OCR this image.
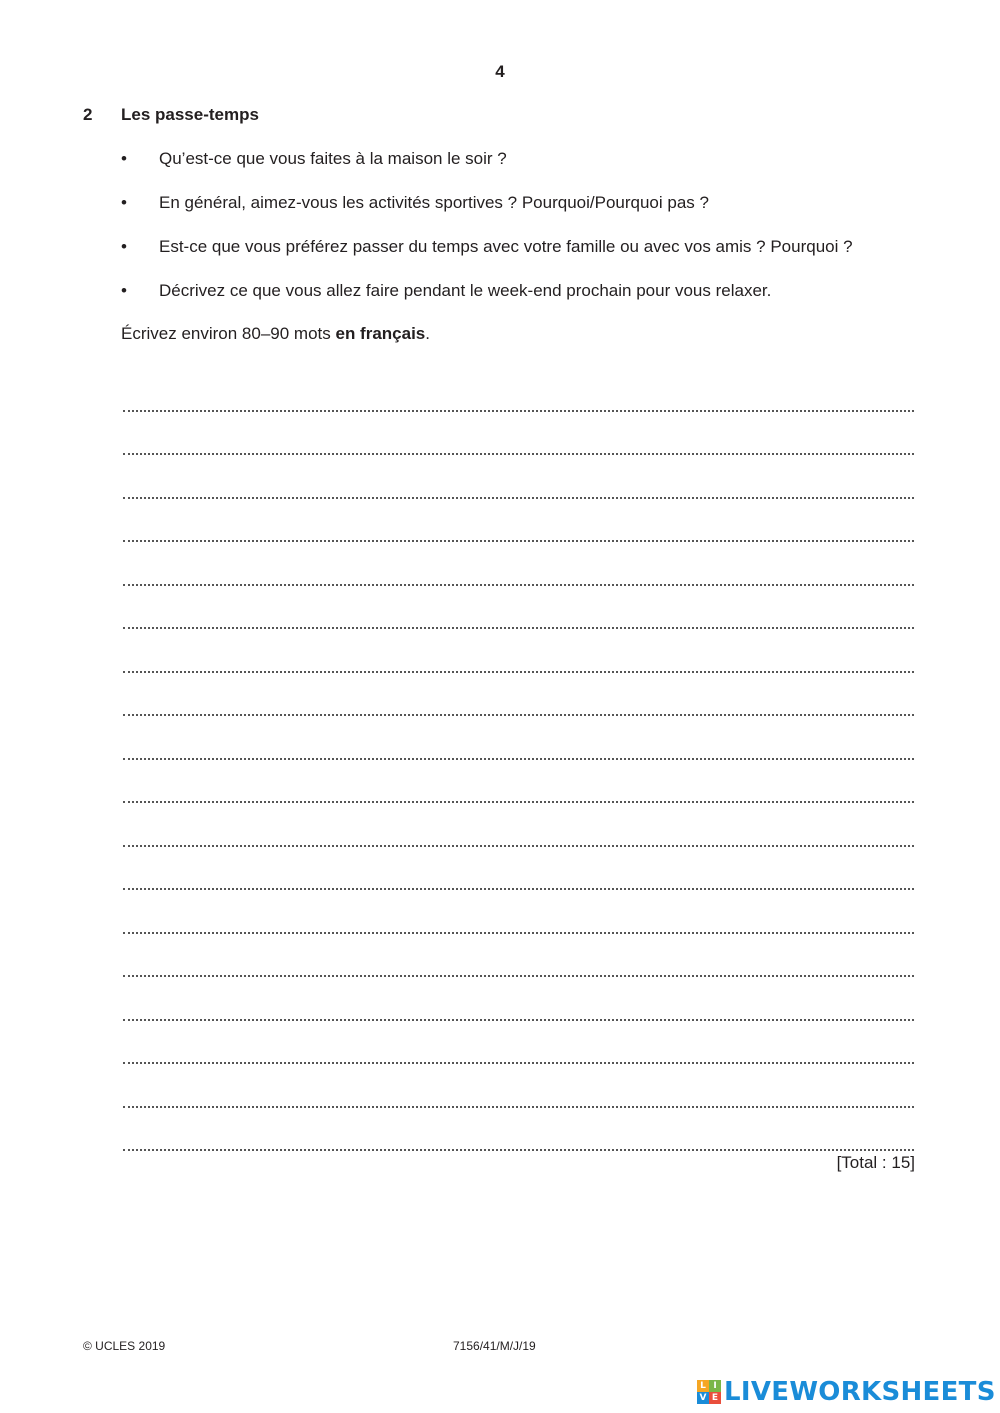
4
2 Les passe-temps
•	Qu’est-ce que vous faites à la maison le soir ?
•	En général, aimez-vous les activités sportives ? Pourquoi/Pourquoi pas ?
•	Est-ce que vous préférez passer du temps avec votre famille ou avec vos amis ? Pourquoi ?
•	Décrivez ce que vous allez faire pendant le week-end prochain pour vous relaxer.
Écrivez environ 80–90 mots en français.
[Total : 15]
© UCLES 2019	7156/41/M/J/19
L I
V E LIVEWORKSHEETS
